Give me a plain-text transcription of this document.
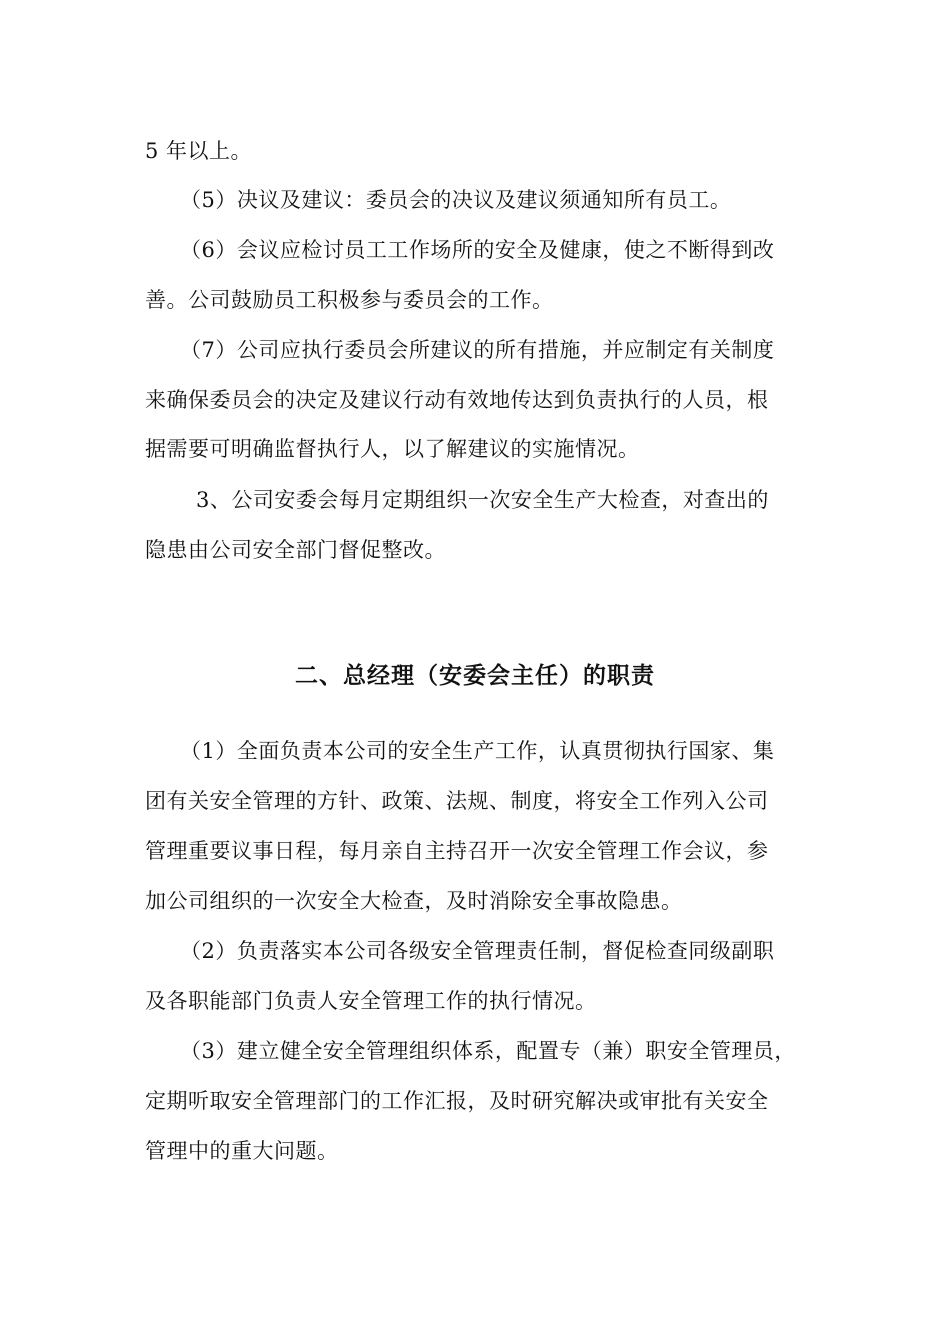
5 年以上。
（5）决议及建议：委员会的决议及建议须通知所有员工。
（6）会议应检讨员工工作场所的安全及健康，使之不断得到改
善。公司鼓励员工积极参与委员会的工作。
（7）公司应执行委员会所建议的所有措施，并应制定有关制度
来确保委员会的决定及建议行动有效地传达到负责执行的人员，根
据需要可明确监督执行人，以了解建议的实施情况。
3、公司安委会每月定期组织一次安全生产大检查，对查出的
隐患由公司安全部门督促整改。
二、总经理（安委会主任）的职责
（1）全面负责本公司的安全生产工作，认真贯彻执行国家、集
团有关安全管理的方针、政策、法规、制度，将安全工作列入公司
管理重要议事日程，每月亲自主持召开一次安全管理工作会议，参
加公司组织的一次安全大检查，及时消除安全事故隐患。
（2）负责落实本公司各级安全管理责任制，督促检查同级副职
及各职能部门负责人安全管理工作的执行情况。
（3）建立健全安全管理组织体系，配置专（兼）职安全管理员，
定期听取安全管理部门的工作汇报，及时研究解决或审批有关安全
管理中的重大问题。
